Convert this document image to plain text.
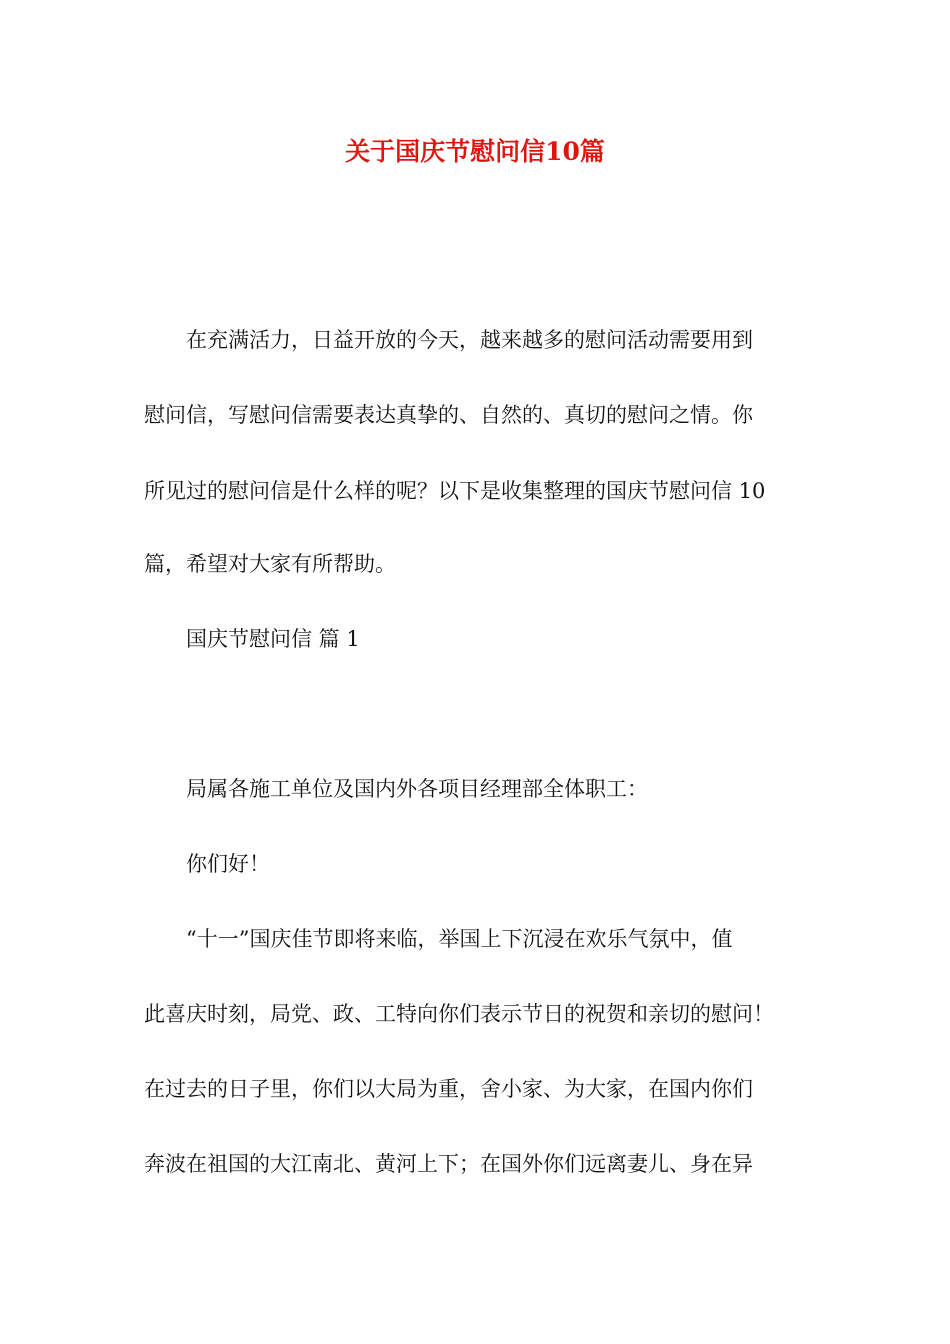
关于国庆节慰问信10篇
　　在充满活力，日益开放的今天，越来越多的慰问活动需要用到
慰问信，写慰问信需要表达真挚的、自然的、真切的慰问之情。你
所见过的慰问信是什么样的呢？以下是收集整理的国庆节慰问信 10
篇，希望对大家有所帮助。
　　国庆节慰问信 篇 1
　　局属各施工单位及国内外各项目经理部全体职工：
　　你们好！
　　“十一”国庆佳节即将来临，举国上下沉浸在欢乐气氛中，值
此喜庆时刻，局党、政、工特向你们表示节日的祝贺和亲切的慰问！
在过去的日子里，你们以大局为重，舍小家、为大家，在国内你们
奔波在祖国的大江南北、黄河上下；在国外你们远离妻儿、身在异
